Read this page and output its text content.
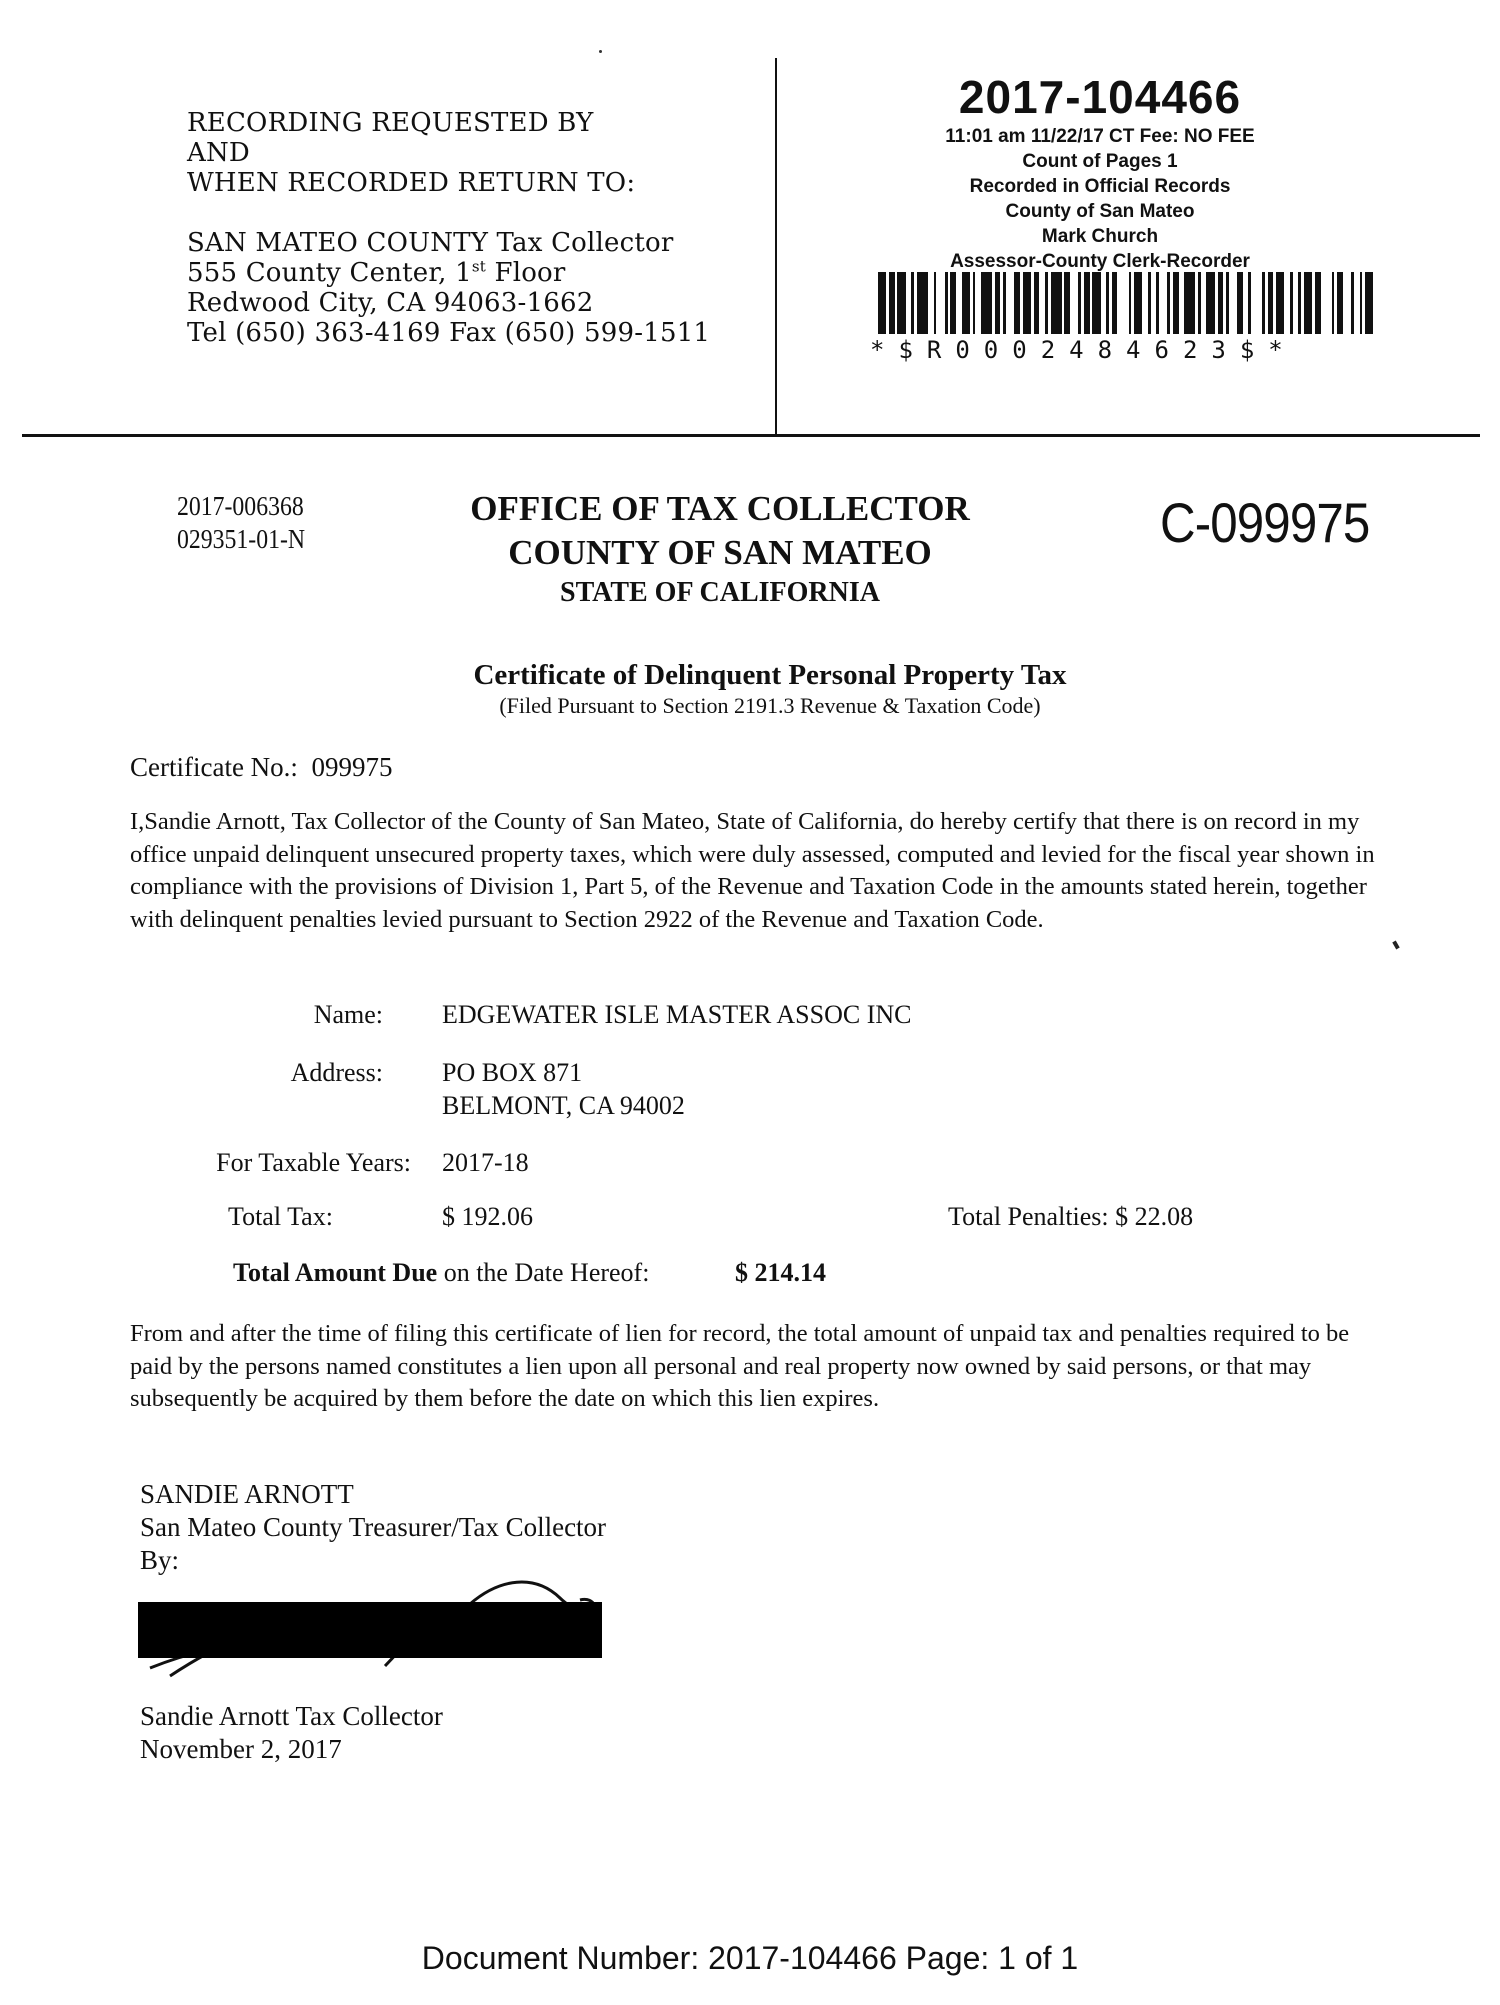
RECORDING REQUESTED BY
AND
WHEN RECORDED RETURN TO:
SAN MATEO COUNTY Tax Collector
555 County Center, 1st Floor
Redwood City, CA 94063-1662
Tel (650) 363-4169 Fax (650) 599-1511
2017-104466
11:01 am 11/22/17 CT Fee: NO FEE
Count of Pages 1
Recorded in Official Records
County of San Mateo
Mark Church
Assessor-County Clerk-Recorder
*$R0002484623$*
2017-006368
029351-01-N
OFFICE OF TAX COLLECTOR
COUNTY OF SAN MATEO
STATE OF CALIFORNIA
C-099975
Certificate of Delinquent Personal Property Tax
(Filed Pursuant to Section 2191.3 Revenue & Taxation Code)
Certificate No.: 099975
I,Sandie Arnott, Tax Collector of the County of San Mateo, State of California, do hereby certify that there is on record in my office unpaid delinquent unsecured property taxes, which were duly assessed, computed and levied for the fiscal year shown in compliance with the provisions of Division 1, Part 5, of the Revenue and Taxation Code in the amounts stated herein, together with delinquent penalties levied pursuant to Section 2922 of the Revenue and Taxation Code.
Name: EDGEWATER ISLE MASTER ASSOC INC
Address: PO BOX 871
BELMONT, CA 94002
For Taxable Years: 2017-18
Total Tax:	$ 192.06	Total Penalties: $ 22.08
Total Amount Due on the Date Hereof:	$ 214.14
From and after the time of filing this certificate of lien for record, the total amount of unpaid tax and penalties required to be paid by the persons named constitutes a lien upon all personal and real property now owned by said persons, or that may subsequently be acquired by them before the date on which this lien expires.
SANDIE ARNOTT
San Mateo County Treasurer/Tax Collector
By:
Sandie Arnott Tax Collector
November 2, 2017
Document Number: 2017-104466 Page: 1 of 1
